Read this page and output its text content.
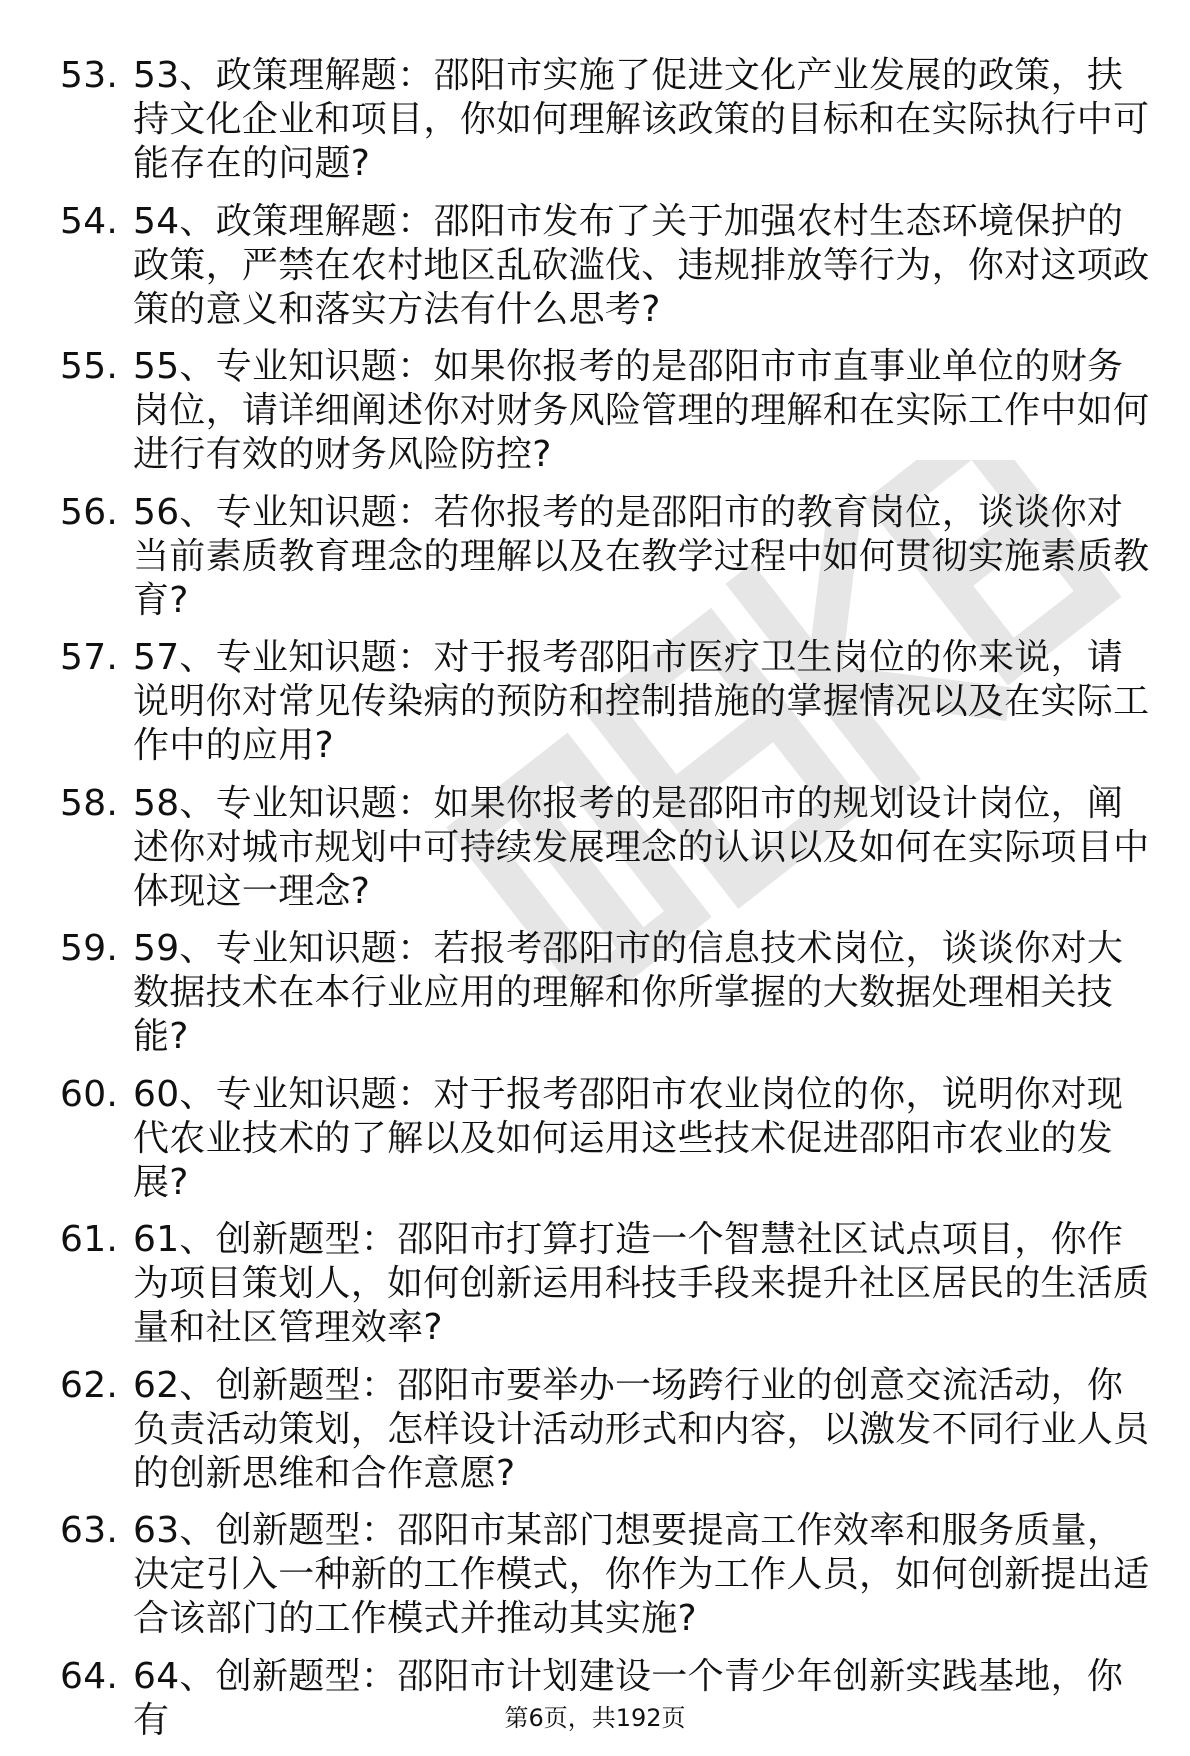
53. 53、政策理解题：邵阳市实施了促进文化产业发展的政策，扶持文化企业和项目，你如何理解该政策的目标和在实际执行中可能存在的问题?
54. 54、政策理解题：邵阳市发布了关于加强农村生态环境保护的政策，严禁在农村地区乱砍滥伐、违规排放等行为，你对这项政策的意义和落实方法有什么思考?
55. 55、专业知识题：如果你报考的是邵阳市市直事业单位的财务岗位，请详细阐述你对财务风险管理的理解和在实际工作中如何进行有效的财务风险防控?
56. 56、专业知识题：若你报考的是邵阳市的教育岗位，谈谈你对当前素质教育理念的理解以及在教学过程中如何贯彻实施素质教育?
57. 57、专业知识题：对于报考邵阳市医疗卫生岗位的你来说，请说明你对常见传染病的预防和控制措施的掌握情况以及在实际工作中的应用?
58. 58、专业知识题：如果你报考的是邵阳市的规划设计岗位，阐述你对城市规划中可持续发展理念的认识以及如何在实际项目中体现这一理念?
59. 59、专业知识题：若报考邵阳市的信息技术岗位，谈谈你对大数据技术在本行业应用的理解和你所掌握的大数据处理相关技能?
60. 60、专业知识题：对于报考邵阳市农业岗位的你，说明你对现代农业技术的了解以及如何运用这些技术促进邵阳市农业的发展?
61. 61、创新题型：邵阳市打算打造一个智慧社区试点项目，你作为项目策划人，如何创新运用科技手段来提升社区居民的生活质量和社区管理效率?
62. 62、创新题型：邵阳市要举办一场跨行业的创意交流活动，你负责活动策划，怎样设计活动形式和内容，以激发不同行业人员的创新思维和合作意愿?
63. 63、创新题型：邵阳市某部门想要提高工作效率和服务质量，决定引入一种新的工作模式，你作为工作人员，如何创新提出适合该部门的工作模式并推动其实施?
64. 64、创新题型：邵阳市计划建设一个青少年创新实践基地，你有	第6页，共192页
